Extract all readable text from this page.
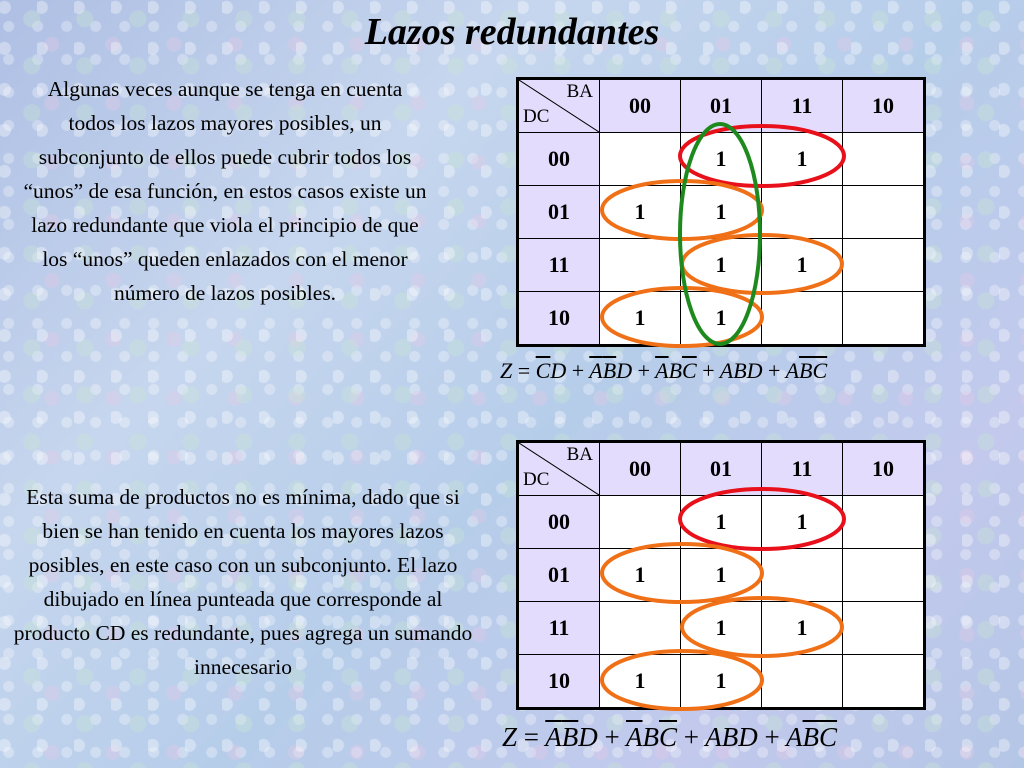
Lazos redundantes
Algunas veces aunque se tenga en cuenta todos los lazos mayores posibles, un subconjunto de ellos puede cubrir todos los “unos” de esa función, en estos casos existe un lazo redundante que viola el principio de que los “unos” queden enlazados con el menor número de lazos posibles.
Esta suma de productos no es mínima, dado que si bien se han tenido en cuenta los mayores lazos posibles, en este caso con un subconjunto. El lazo dibujado en línea punteada que corresponde al producto CD es redundante, pues agrega un sumando innecesario
BA
DC	00	01	11	10
00		1	1	
01	1	1		
11		1	1	
10	1	1		
BA
DC	00	01	11	10
00		1	1	
01	1	1		
11		1	1	
10	1	1		
$Z = \overline{C}D + \overline{A}\overline{B}D + \overline{A}B\overline{C}$ + ABD + $A\overline{B}\overline{C}$
$Z = \overline{A}\overline{B}D + \overline{A}B\overline{C}$ + ABD + $A\overline{B}\overline{C}$
